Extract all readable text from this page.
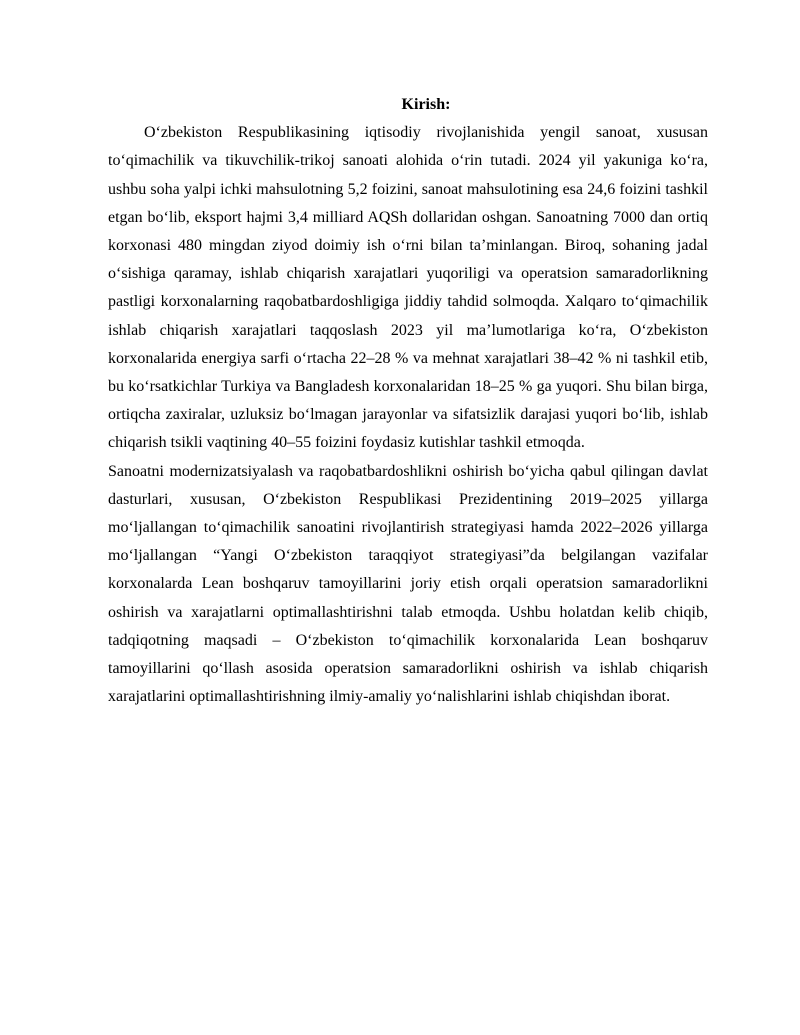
Kirish:

O‘zbekiston Respublikasining iqtisodiy rivojlanishida yengil sanoat, xususan to‘qimachilik va tikuvchilik-trikoj sanoati alohida o‘rin tutadi. 2024 yil yakuniga ko‘ra, ushbu soha yalpi ichki mahsulotning 5,2 foizini, sanoat mahsulotining esa 24,6 foizini tashkil etgan bo‘lib, eksport hajmi 3,4 milliard AQSh dollaridan oshgan. Sanoatning 7000 dan ortiq korxonasi 480 mingdan ziyod doimiy ish o‘rni bilan ta’minlangan. Biroq, sohaning jadal o‘sishiga qaramay, ishlab chiqarish xarajatlari yuqoriligi va operatsion samaradorlikning pastligi korxonalarning raqobatbardoshligiga jiddiy tahdid solmoqda. Xalqaro to‘qimachilik ishlab chiqarish xarajatlari taqqoslash 2023 yil ma’lumotlariga ko‘ra, O‘zbekiston korxonalarida energiya sarfi o‘rtacha 22–28 % va mehnat xarajatlari 38–42 % ni tashkil etib, bu ko‘rsatkichlar Turkiya va Bangladesh korxonalaridan 18–25 % ga yuqori. Shu bilan birga, ortiqcha zaxiralar, uzluksiz bo‘lmagan jarayonlar va sifatsizlik darajasi yuqori bo‘lib, ishlab chiqarish tsikli vaqtining 40–55 foizini foydasiz kutishlar tashkil etmoqda.

Sanoatni modernizatsiyalash va raqobatbardoshlikni oshirish bo‘yicha qabul qilingan davlat dasturlari, xususan, O‘zbekiston Respublikasi Prezidentining 2019–2025 yillarga mo‘ljallangan to‘qimachilik sanoatini rivojlantirish strategiyasi hamda 2022–2026 yillarga mo‘ljallangan “Yangi O‘zbekiston taraqqiyot strategiyasi”da belgilangan vazifalar korxonalarda Lean boshqaruv tamoyillarini joriy etish orqali operatsion samaradorlikni oshirish va xarajatlarni optimallashtirishni talab etmoqda. Ushbu holatdan kelib chiqib, tadqiqotning maqsadi – O‘zbekiston to‘qimachilik korxonalarida Lean boshqaruv tamoyillarini qo‘llash asosida operatsion samaradorlikni oshirish va ishlab chiqarish xarajatlarini optimallashtirishning ilmiy-amaliy yo‘nalishlarini ishlab chiqishdan iborat.
